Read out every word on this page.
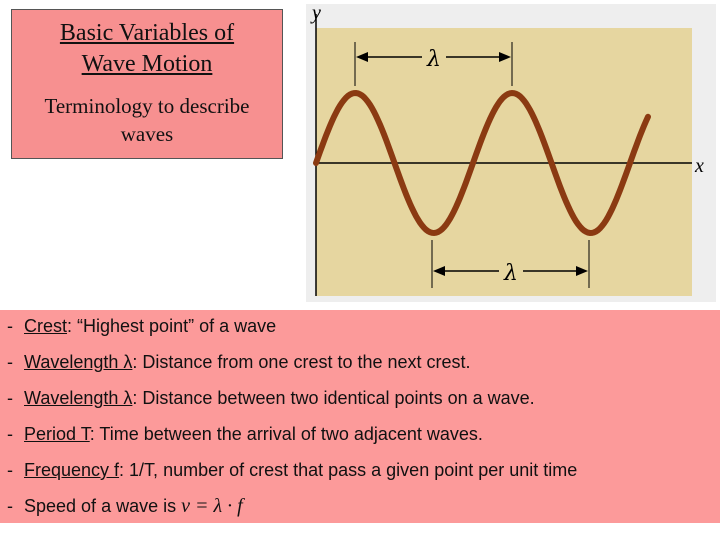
Basic Variables of
Wave Motion
Terminology to describe
waves
y
x
λ
λ
- Crest: “Highest point” of a wave
- Wavelength λ: Distance from one crest to the next crest.
- Wavelength λ: Distance between two identical points on a wave.
- Period T: Time between the arrival of two adjacent waves.
- Frequency f: 1/T, number of crest that pass a given point per unit time
- Speed of a wave is v = λ · f
